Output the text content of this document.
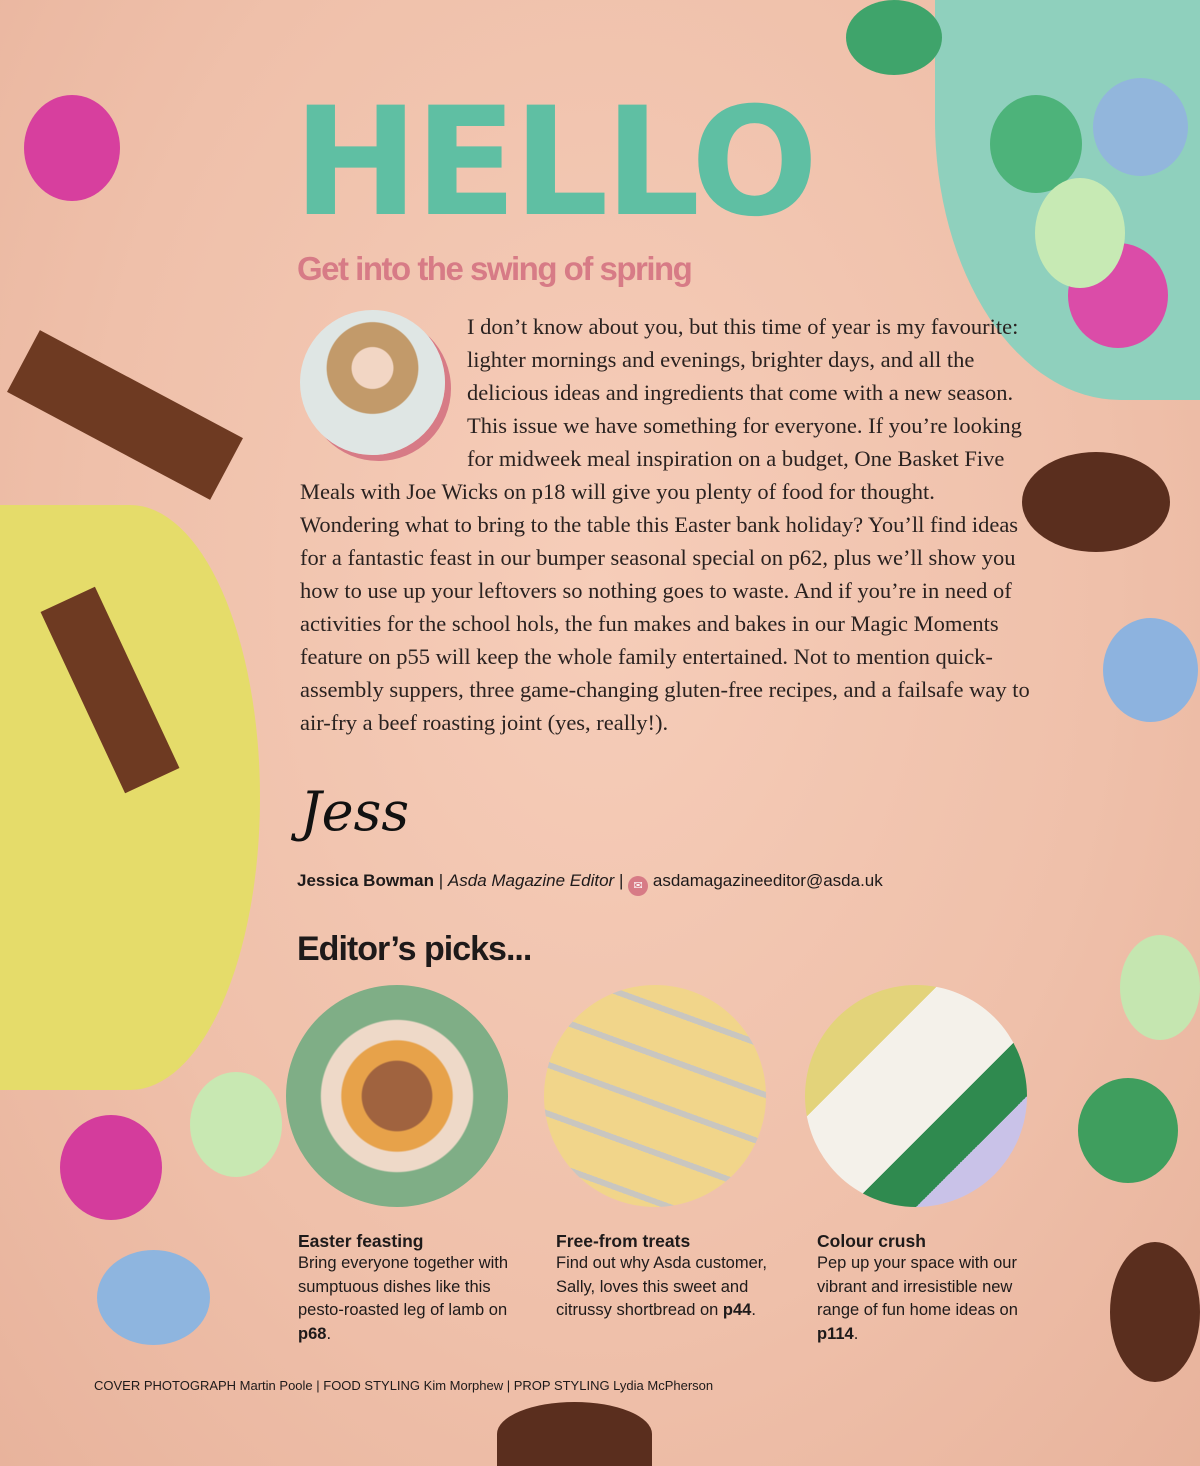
HELLO
Get into the swing of spring
I don’t know about you, but this time of year is my favourite: lighter mornings and evenings, brighter days, and all the delicious ideas and ingredients that come with a new season. This issue we have something for everyone. If you’re looking for midweek meal inspiration on a budget, One Basket Five Meals with Joe Wicks on p18 will give you plenty of food for thought. Wondering what to bring to the table this Easter bank holiday? You’ll find ideas for a fantastic feast in our bumper seasonal special on p62, plus we’ll show you how to use up your leftovers so nothing goes to waste. And if you’re in need of activities for the school hols, the fun makes and bakes in our Magic Moments feature on p55 will keep the whole family entertained. Not to mention quick-assembly suppers, three game-changing gluten-free recipes, and a failsafe way to air-fry a beef roasting joint (yes, really!).
Jess
Jessica Bowman | Asda Magazine Editor | ✉ asdamagazineeditor@asda.uk
Editor’s picks...
Easter feasting

Bring everyone together with sumptuous dishes like this pesto-roasted leg of lamb on p68.

Free-from treats

Find out why Asda customer, Sally, loves this sweet and citrussy shortbread on p44.

Colour crush

Pep up your space with our vibrant and irresistible new range of fun home ideas on p114.

COVER PHOTOGRAPH Martin Poole | FOOD STYLING Kim Morphew | PROP STYLING Lydia McPherson
